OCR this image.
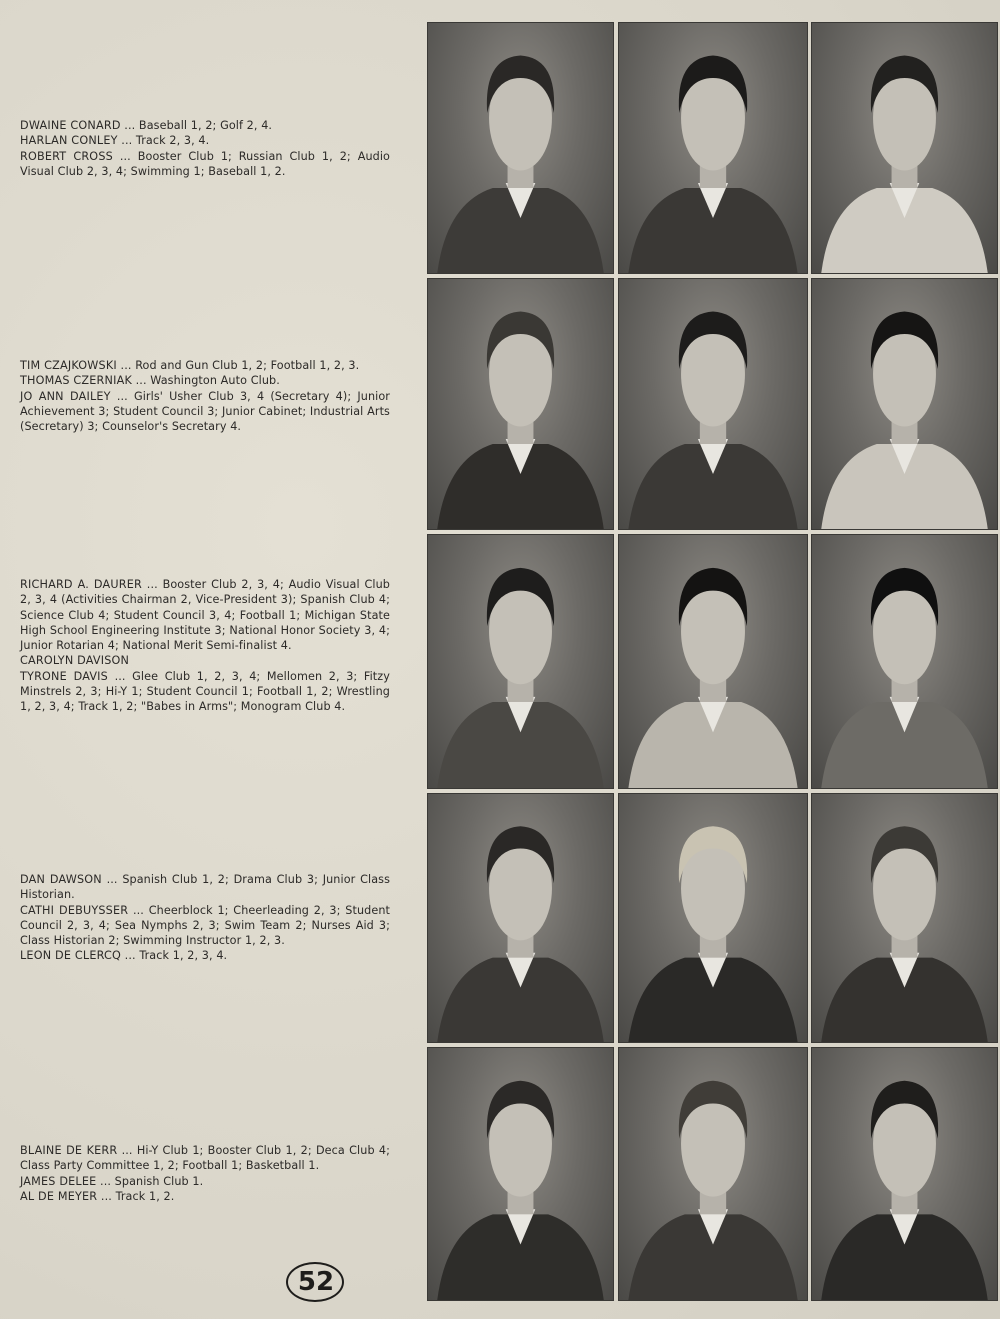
DWAINE CONARD ... Baseball 1, 2; Golf 2, 4.
HARLAN CONLEY ... Track 2, 3, 4.
ROBERT CROSS ... Booster Club 1; Russian Club 1, 2; Audio Visual Club 2, 3, 4; Swimming 1; Baseball 1, 2.
TIM CZAJKOWSKI ... Rod and Gun Club 1, 2; Football 1, 2, 3.
THOMAS CZERNIAK ... Washington Auto Club.
JO ANN DAILEY ... Girls' Usher Club 3, 4 (Secretary 4); Junior Achievement 3; Student Council 3; Junior Cabinet; Industrial Arts (Secretary) 3; Counselor's Secretary 4.
RICHARD A. DAURER ... Booster Club 2, 3, 4; Audio Visual Club 2, 3, 4 (Activities Chairman 2, Vice-President 3); Spanish Club 4; Science Club 4; Student Council 3, 4; Football 1; Michigan State High School Engineering Institute 3; National Honor Society 3, 4; Junior Rotarian 4; National Merit Semi-finalist 4.
CAROLYN DAVISON
TYRONE DAVIS ... Glee Club 1, 2, 3, 4; Mellomen 2, 3; Fitzy Minstrels 2, 3; Hi-Y 1; Student Council 1; Football 1, 2; Wrestling 1, 2, 3, 4; Track 1, 2; "Babes in Arms"; Monogram Club 4.
DAN DAWSON ... Spanish Club 1, 2; Drama Club 3; Junior Class Historian.
CATHI DEBUYSSER ... Cheerblock 1; Cheerleading 2, 3; Student Council 2, 3, 4; Sea Nymphs 2, 3; Swim Team 2; Nurses Aid 3; Class Historian 2; Swimming Instructor 1, 2, 3.
LEON DE CLERCQ ... Track 1, 2, 3, 4.
BLAINE DE KERR ... Hi-Y Club 1; Booster Club 1, 2; Deca Club 4; Class Party Committee 1, 2; Football 1; Basketball 1.
JAMES DELEE ... Spanish Club 1.
AL DE MEYER ... Track 1, 2.
52
